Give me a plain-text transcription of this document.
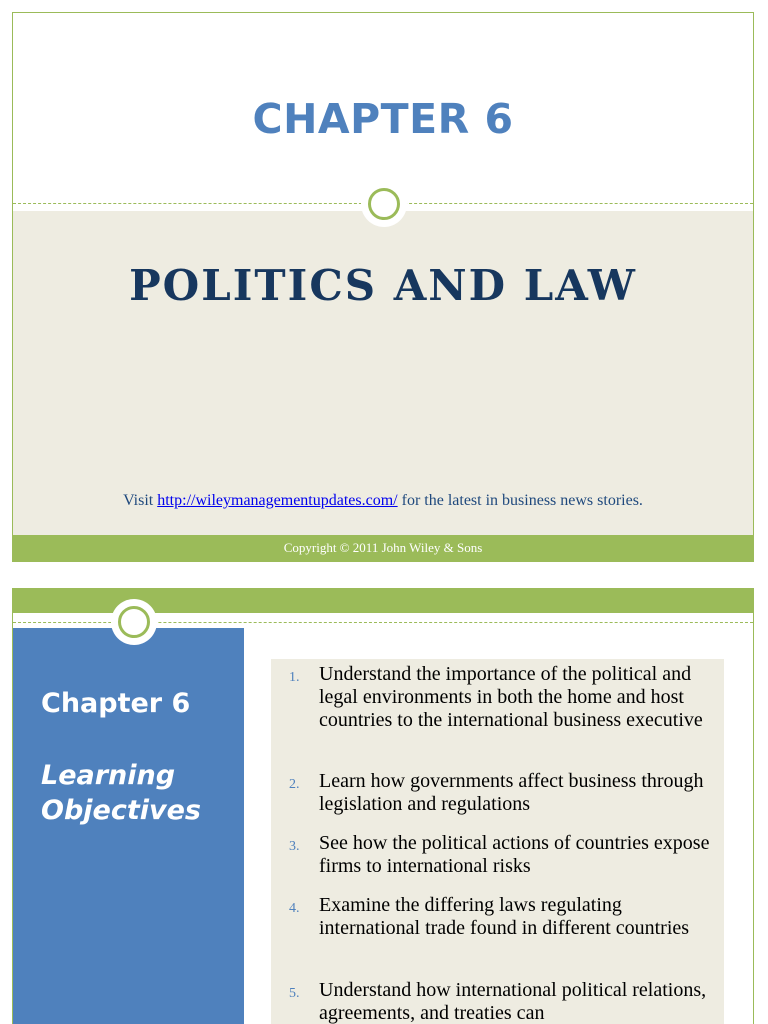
CHAPTER 6
POLITICS AND LAW
Visit http://wileymanagementupdates.com/ for the latest in business news stories.
Copyright © 2011 John Wiley & Sons
Chapter 6
Learning Objectives
1. Understand the importance of the political and legal environments in both the home and host countries to the international business executive
2. Learn how governments affect business through legislation and regulations
3. See how the political actions of countries expose firms to international risks
4. Examine the differing laws regulating international trade found in different countries
5. Understand how international political relations, agreements, and treaties can
